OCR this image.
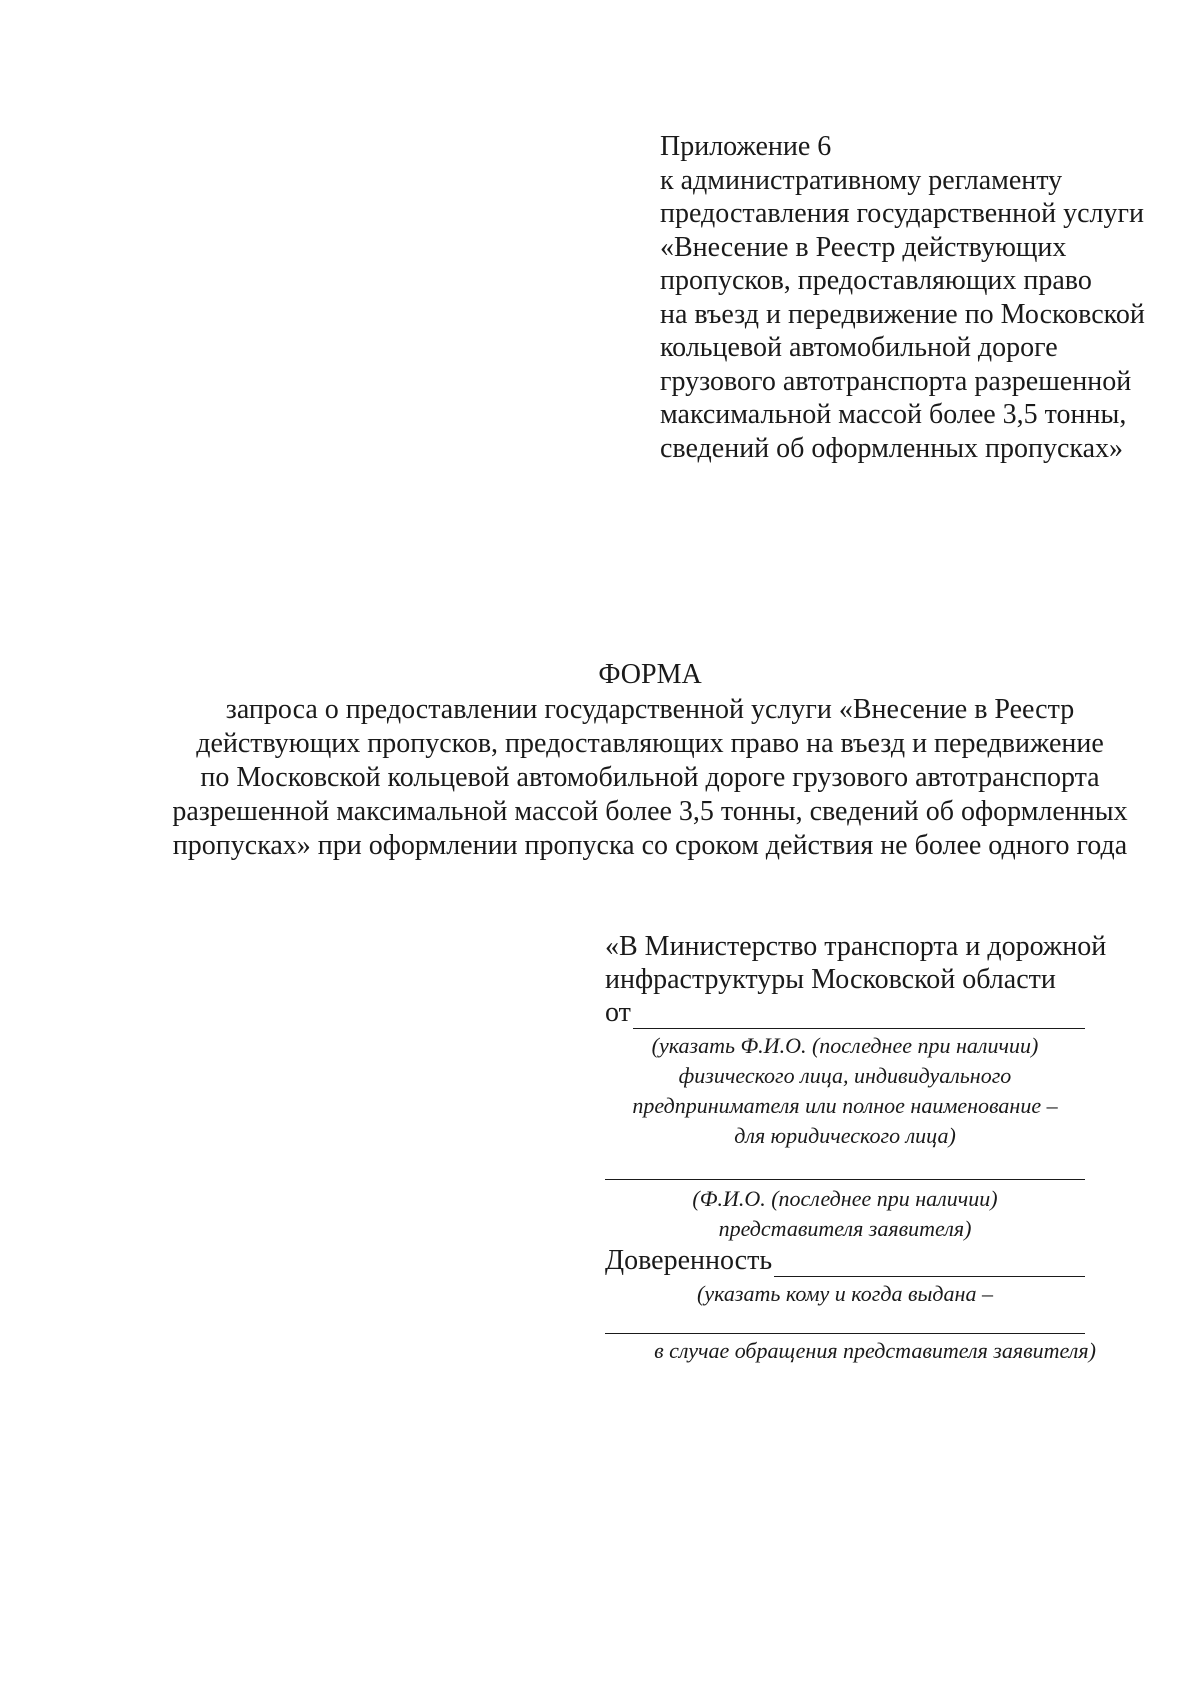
Приложение 6
к административному регламенту
предоставления государственной услуги
«Внесение в Реестр действующих
пропусков, предоставляющих право
на въезд и передвижение по Московской
кольцевой автомобильной дороге
грузового автотранспорта разрешенной
максимальной массой более 3,5 тонны,
сведений об оформленных пропусках»
ФОРМА
запроса о предоставлении государственной услуги «Внесение в Реестр
действующих пропусков, предоставляющих право на въезд и передвижение
по Московской кольцевой автомобильной дороге грузового автотранспорта
разрешенной максимальной массой более 3,5 тонны, сведений об оформленных
пропусках» при оформлении пропуска со сроком действия не более одного года
«В Министерство транспорта и дорожной
инфраструктуры Московской области
от
(указать Ф.И.О. (последнее при наличии)
физического лица, индивидуального
предпринимателя или полное наименование –
для юридического лица)
(Ф.И.О. (последнее при наличии)
представителя заявителя)
Доверенность
(указать кому и когда выдана –
в случае обращения представителя заявителя)
